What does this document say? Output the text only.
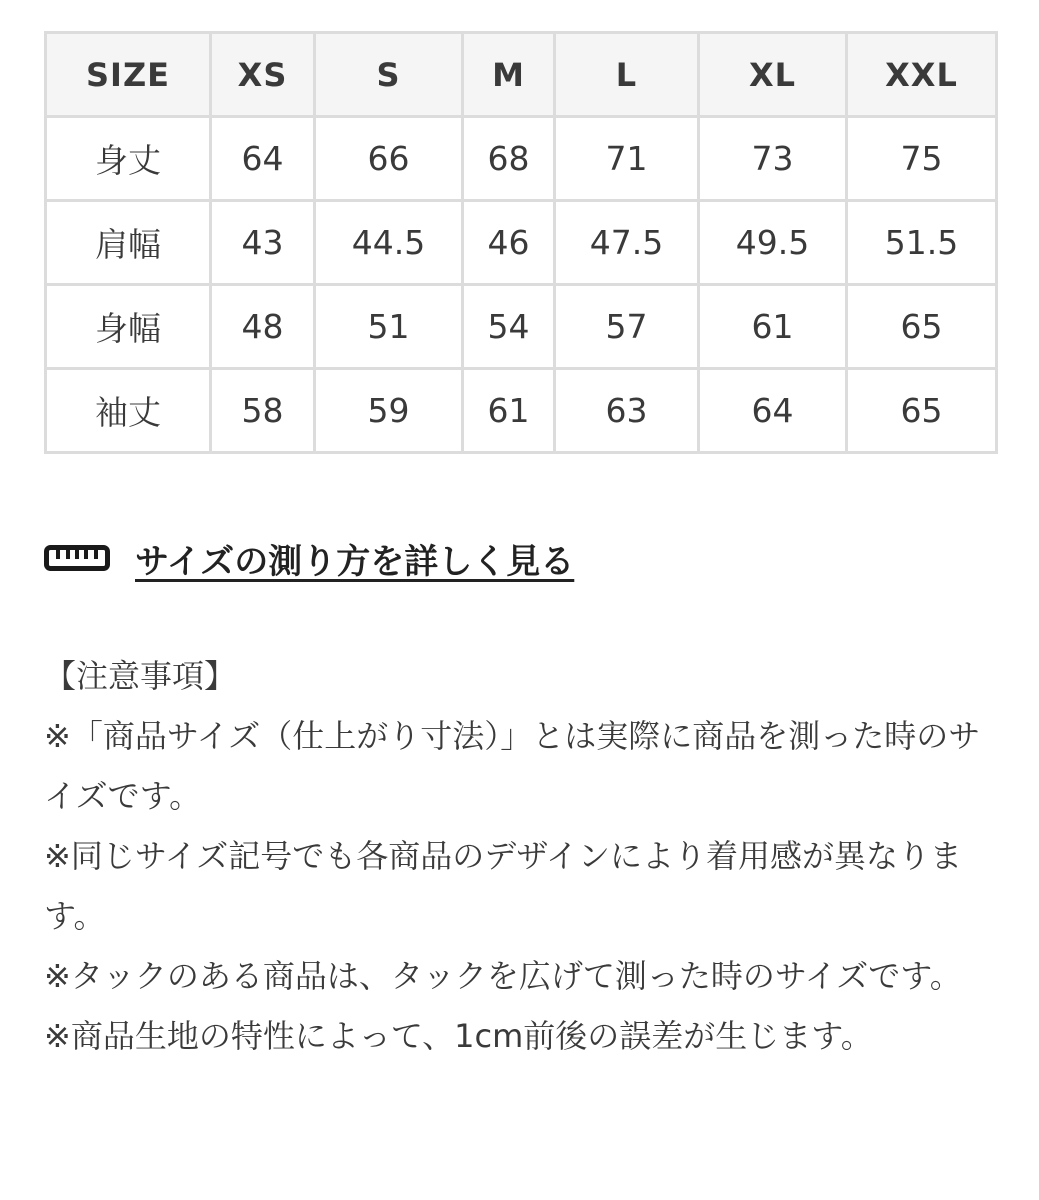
SIZE	XS	S	M	L	XL	XXL
身丈	64	66	68	71	73	75
肩幅	43	44.5	46	47.5	49.5	51.5
身幅	48	51	54	57	61	65
袖丈	58	59	61	63	64	65
サイズの測り方を詳しく見る

【注意事項】

※「商品サイズ（仕上がり寸法）」とは実際に商品を測った時のサイズです。

※同じサイズ記号でも各商品のデザインにより着用感が異なります。

※タックのある商品は、タックを広げて測った時のサイズです。

※商品生地の特性によって、1cm前後の誤差が生じます。
